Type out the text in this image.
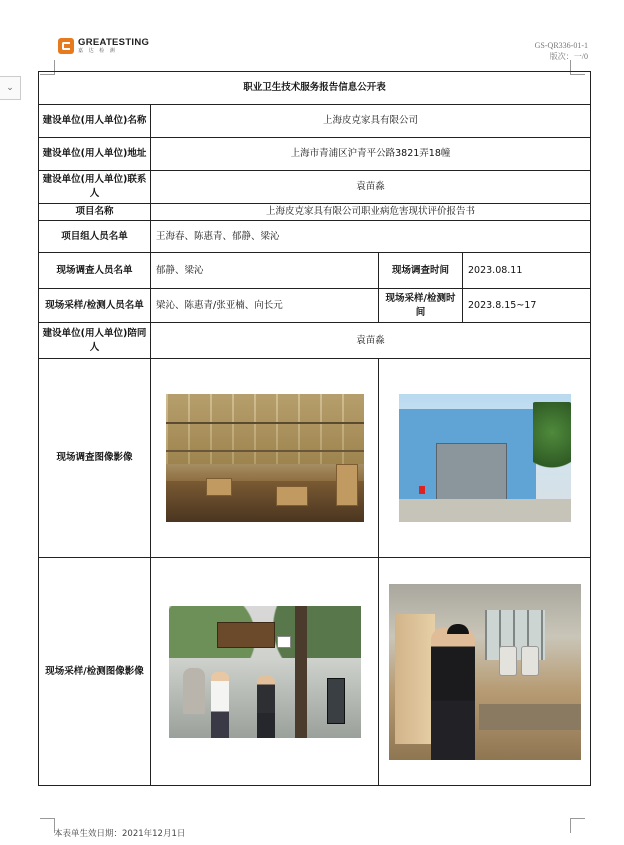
⌄
GREATESTING
嘉 达 检 测
GS-QR336-01-1
版次：一/0
职业卫生技术服务报告信息公开表			
建设单位(用人单位)名称	上海皮克家具有限公司		
建设单位(用人单位)地址	上海市青浦区沪青平公路3821弄18幢		
建设单位(用人单位)联系人	袁苗淼		
项目名称	上海皮克家具有限公司职业病危害现状评价报告书		
项目组人员名单	王海春、陈惠青、郁静、梁沁		
现场调查人员名单	郁静、梁沁	现场调查时间	2023.08.11
现场采样/检测人员名单	梁沁、陈惠青/张亚楠、向长元	现场采样/检测时间	2023.8.15~17
建设单位(用人单位)陪同人	袁苗淼		
现场调查图像影像		

现场采样/检测图像影像		

本表单生效日期：2021年12月1日
